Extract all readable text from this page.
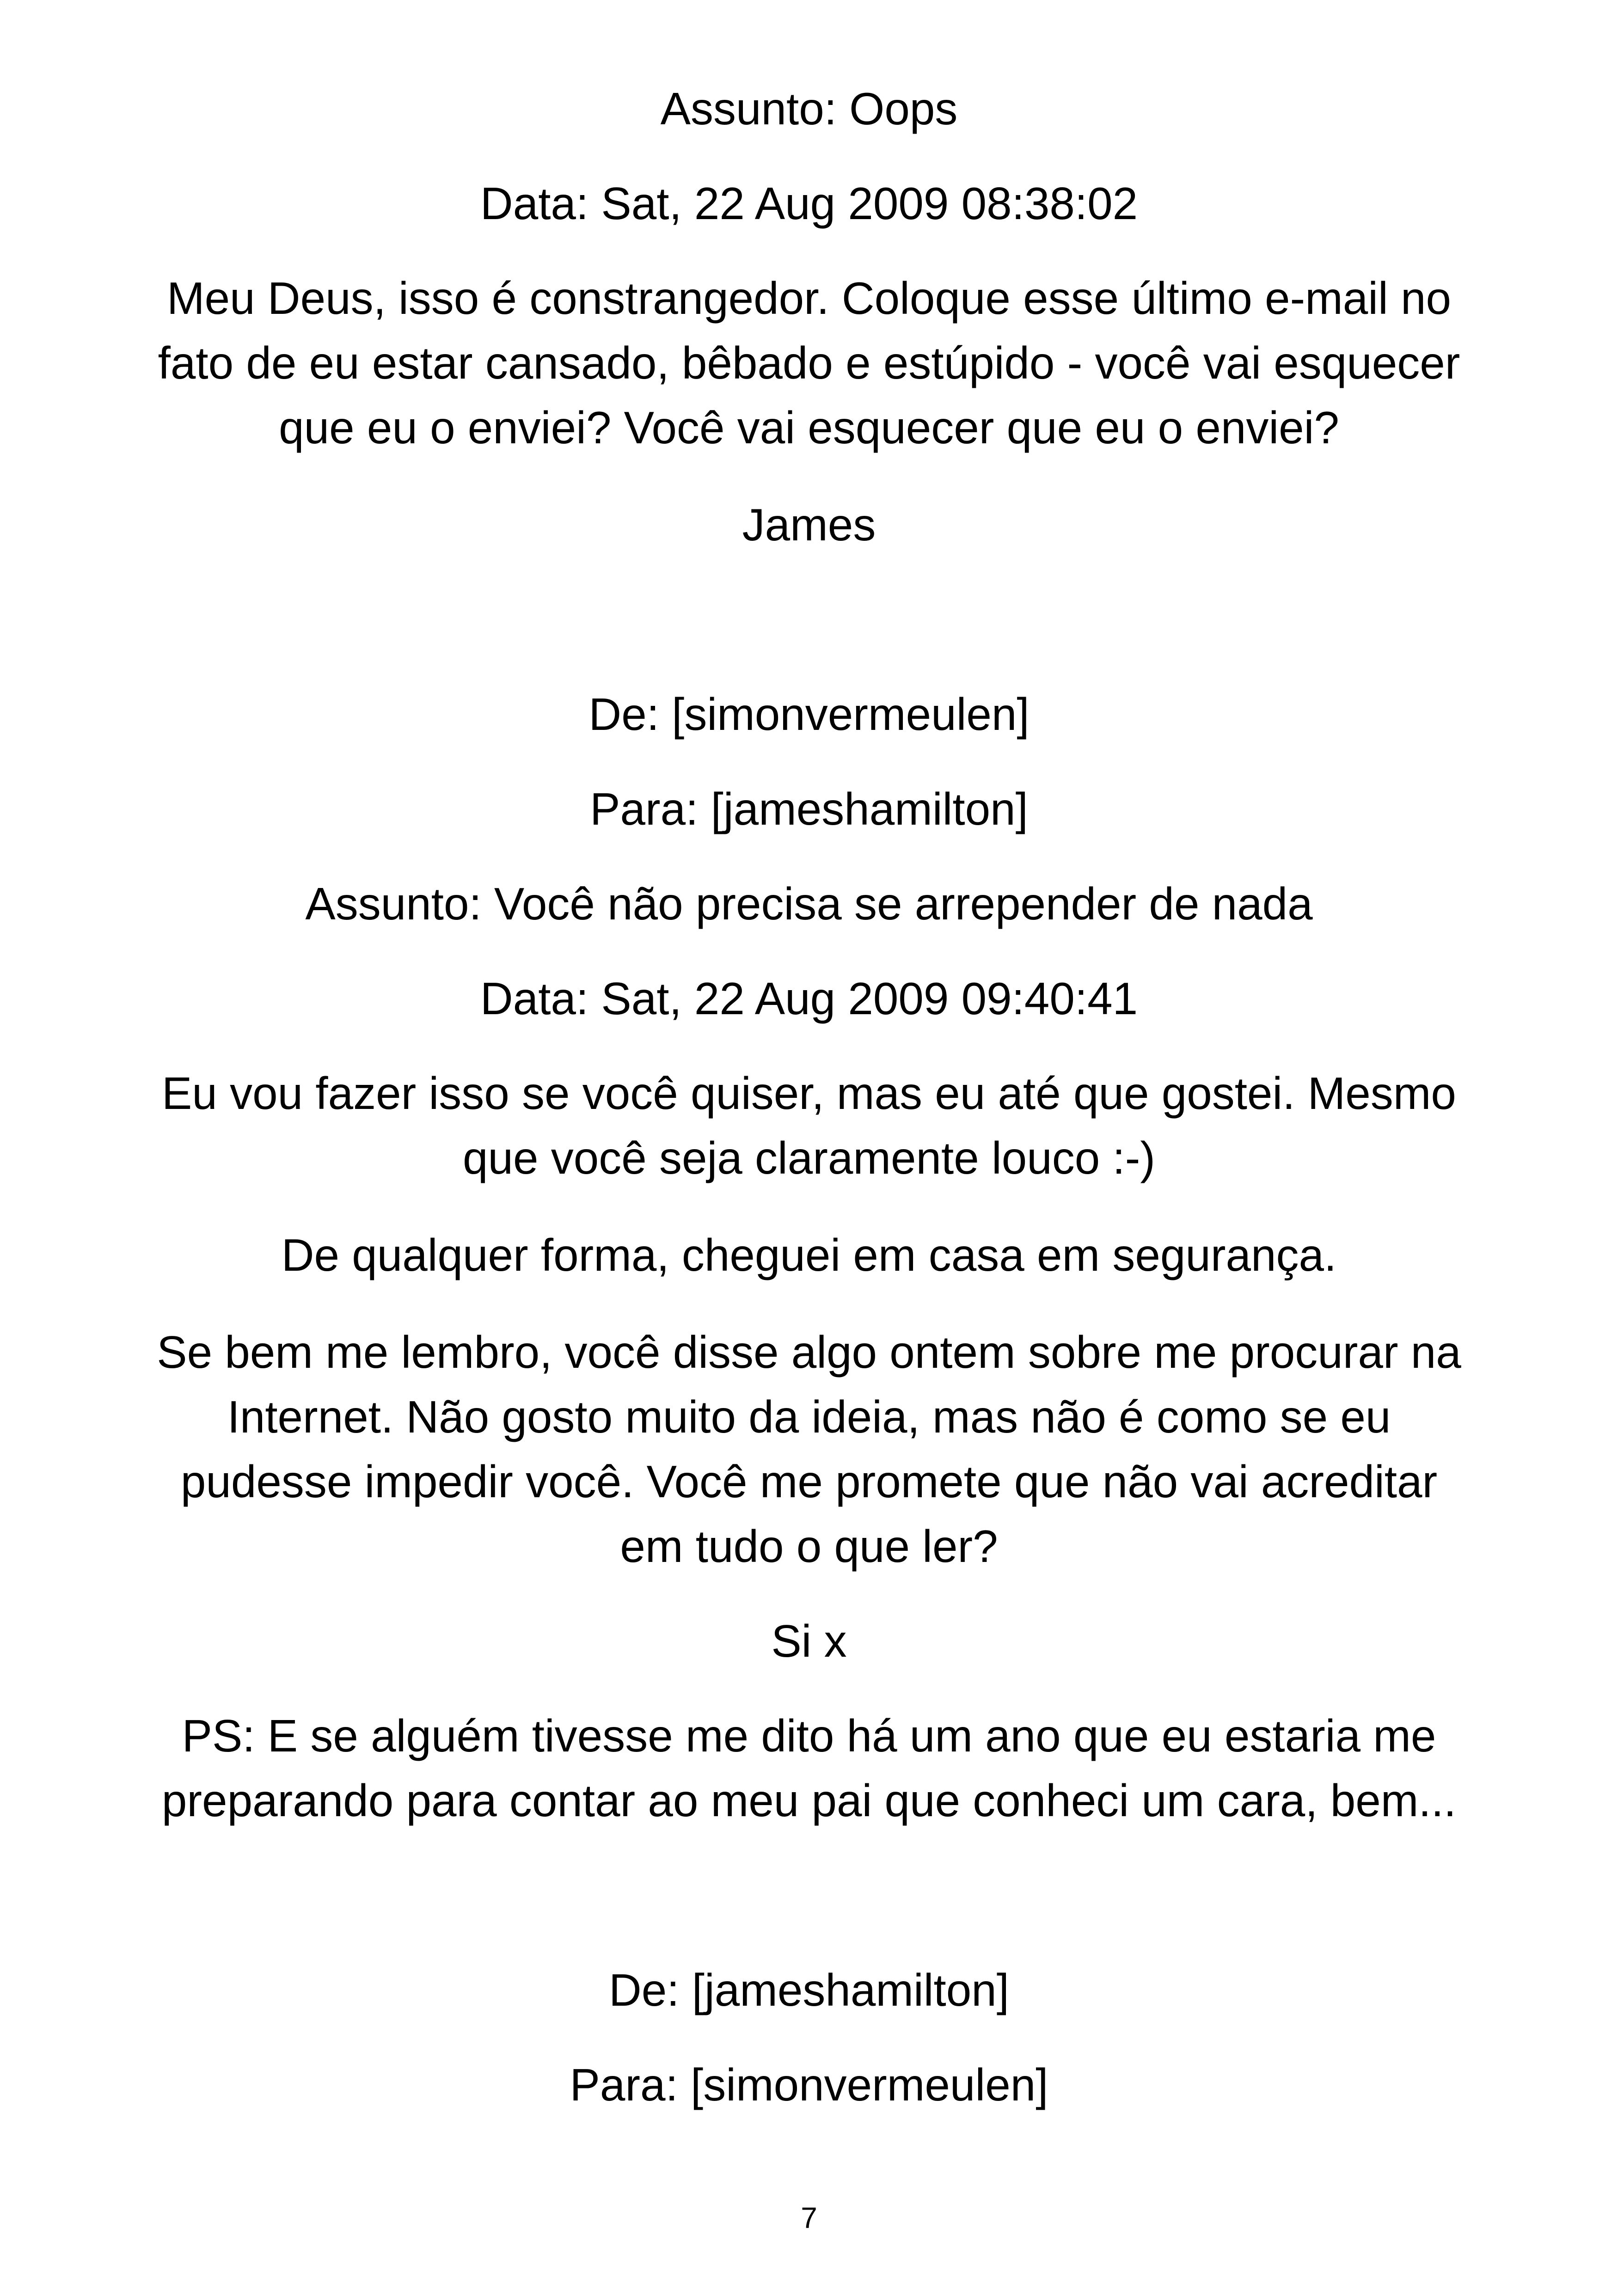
Assunto: Oops
Data: Sat, 22 Aug 2009 08:38:02
Meu Deus, isso é constrangedor. Coloque esse último e-mail no
fato de eu estar cansado, bêbado e estúpido - você vai esquecer
que eu o enviei? Você vai esquecer que eu o enviei?
James
De: [simonvermeulen]
Para: [jameshamilton]
Assunto: Você não precisa se arrepender de nada
Data: Sat, 22 Aug 2009 09:40:41
Eu vou fazer isso se você quiser, mas eu até que gostei. Mesmo
que você seja claramente louco :-)
De qualquer forma, cheguei em casa em segurança.
Se bem me lembro, você disse algo ontem sobre me procurar na
Internet. Não gosto muito da ideia, mas não é como se eu
pudesse impedir você. Você me promete que não vai acreditar
em tudo o que ler?
Si x
PS: E se alguém tivesse me dito há um ano que eu estaria me
preparando para contar ao meu pai que conheci um cara, bem...
De: [jameshamilton]
Para: [simonvermeulen]
7
